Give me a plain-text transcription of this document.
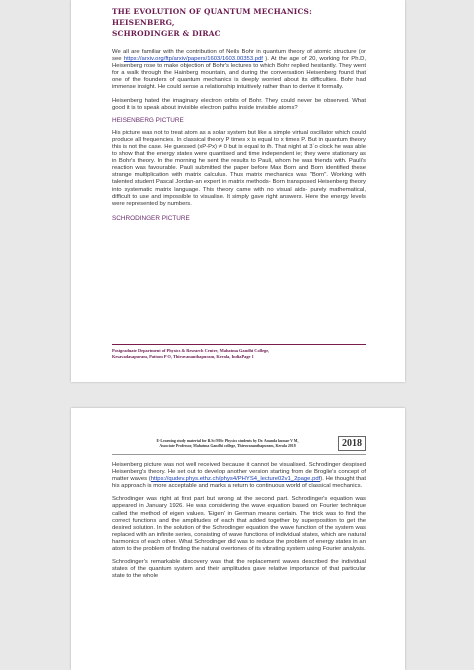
THE EVOLUTION OF QUANTUM MECHANICS: HEISENBERG,
SCHRODINGER & DIRAC

We all are familiar with the contribution of Neils Bohr in quantum theory of atomic structure (or see https://arxiv.org/ftp/arxiv/papers/1603/1603.00353.pdf ). At the age of 20, working for Ph.D, Heisenberg rose to make objection of Bohr's lectures to which Bohr replied hesitantly. They went for a walk through the Hainberg mountain, and during the conversation Heisenberg found that one of the founders of quantum mechanics is deeply worried about its difficulties. Bohr had immense insight. He could sense a relationship intuitively rather than to derive it formally.

Heisenberg hated the imaginary electron orbits of Bohr. They could never be observed. What good it is to speak about invisible electron paths inside invisible atoms?

HEISENBERG PICTURE

His picture was not to treat atom as a solar system but like a simple virtual oscillator which could produce all frequencies. In classical theory P times x is equal to x times P. But in quantum theory this is not the case. He guessed (xP-Px) ≠ 0 but is equal to iħ. That night at 3`o clock he was able to show that the energy states were quantised and time independent ie; they were stationary as in Bohr's theory. In the morning he sent the results to Pauli, whom he was friends with. Pauli's reaction was favourable. Pauli submitted the paper before Max Born and Born identified these strange multiplication with matrix calculus. Thus matrix mechanics was "Born". Working with talented student Pascal Jordan-an expert in matrix methods- Born transposed Heisenberg theory into systematic matrix language. This theory came with no visual aids- purely mathematical, difficult to use and impossible to visualise. It simply gave right answers. Here the energy levels were represented by numbers.

SCHRODINGER PICTURE

Postgraduate Department of Physics & Research Centre, Mahatma Gandhi College,
Kesavadasapuram, Pattom P O, Thiruvananthapuram, Kerala, IndiaPage 1
E-Learning study material for B.Sc/MSc Physics students by Dr. Ananda kumar V M,
Associate Professor, Mahatma Gandhi college, Thiruvananthapuram, Kerala 2018	2018

Heisenberg picture was not well received because it cannot be visualised. Schrodinger despised Heisenberg's theory. He set out to develop another version starting from de Broglie's concept of matter waves (https://qudev.phys.ethz.ch/phys4/PHYS4_lecture02v1_2page.pdf). He thought that his approach is more acceptable and marks a return to continuous world of classical mechanics.

Schrodinger was right at first part but wrong at the second part. Schrodinger's equation was appeared in January 1926. He was considering the wave equation based on Fourier technique called the method of eigen values. 'Eigen' in German means certain. The trick was to find the correct functions and the amplitudes of each that added together by superposition to get the desired solution. In the solution of the Schrodinger equation the wave function of the system was replaced with an infinite series, consisting of wave functions of individual states, which are natural harmonics of each other. What Schrodinger did was to reduce the problem of energy states in an atom to the problem of finding the natural overtones of its vibrating system using Fourier analysis.

Schrodinger's remarkable discovery was that the replacement waves described the individual states of the quantum system and their amplitudes gave relative importance of that particular state to the whole
